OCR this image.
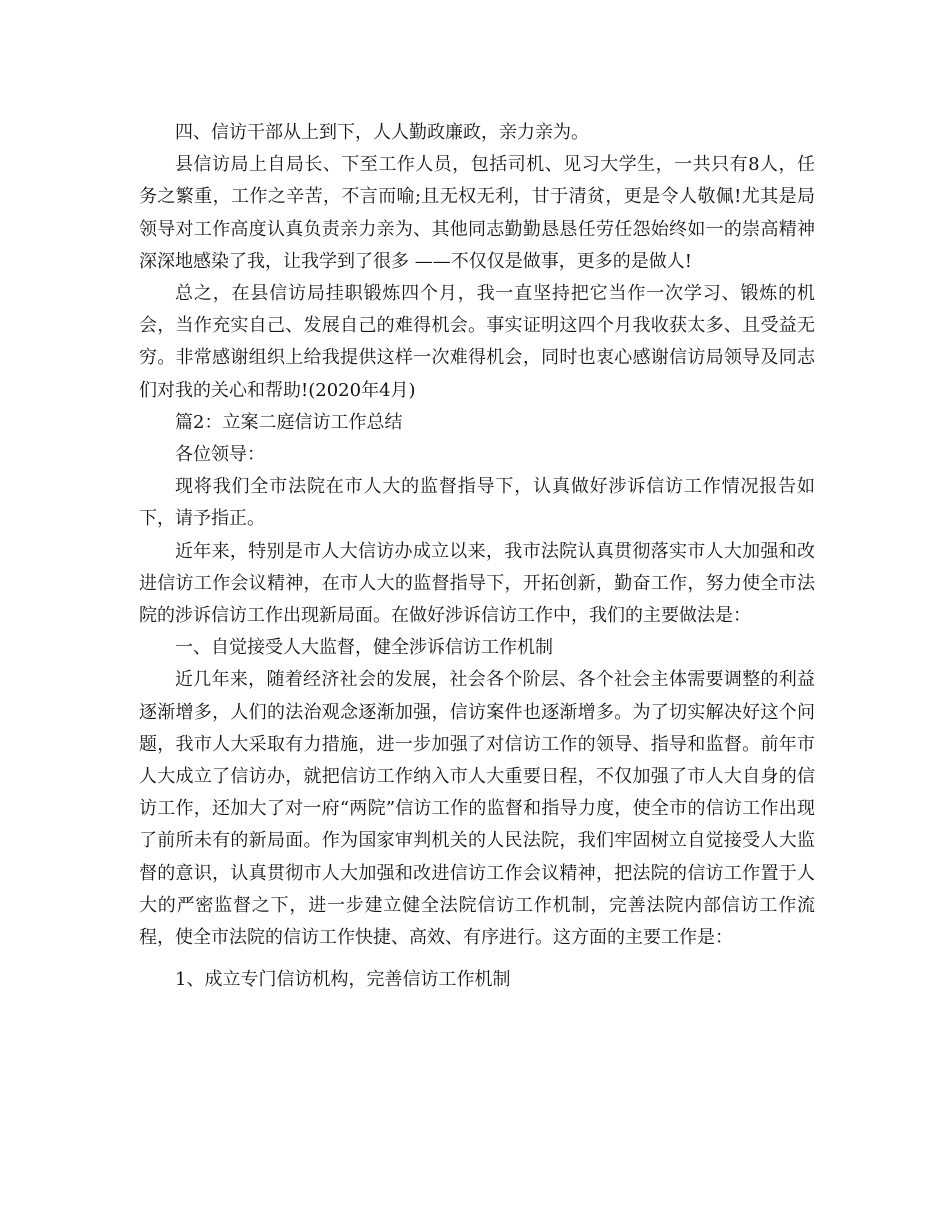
四、信访干部从上到下，人人勤政廉政，亲力亲为。

县信访局上自局长、下至工作人员，包括司机、见习大学生，一共只有8人，任务之繁重，工作之辛苦，不言而喻;且无权无利，甘于清贫，更是令人敬佩!尤其是局领导对工作高度认真负责亲力亲为、其他同志勤勤恳恳任劳任怨始终如一的崇高精神深深地感染了我，让我学到了很多 ——不仅仅是做事，更多的是做人!

总之，在县信访局挂职锻炼四个月，我一直坚持把它当作一次学习、锻炼的机会，当作充实自己、发展自己的难得机会。事实证明这四个月我收获太多、且受益无穷。非常感谢组织上给我提供这样一次难得机会，同时也衷心感谢信访局领导及同志们对我的关心和帮助!(2020年4月)

篇2：立案二庭信访工作总结

各位领导：

现将我们全市法院在市人大的监督指导下，认真做好涉诉信访工作情况报告如下，请予指正。

近年来，特别是市人大信访办成立以来，我市法院认真贯彻落实市人大加强和改进信访工作会议精神，在市人大的监督指导下，开拓创新，勤奋工作，努力使全市法院的涉诉信访工作出现新局面。在做好涉诉信访工作中，我们的主要做法是：

一、自觉接受人大监督，健全涉诉信访工作机制

近几年来，随着经济社会的发展，社会各个阶层、各个社会主体需要调整的利益逐渐增多，人们的法治观念逐渐加强，信访案件也逐渐增多。为了切实解决好这个问题，我市人大采取有力措施，进一步加强了对信访工作的领导、指导和监督。前年市人大成立了信访办，就把信访工作纳入市人大重要日程，不仅加强了市人大自身的信访工作，还加大了对一府“两院”信访工作的监督和指导力度，使全市的信访工作出现了前所未有的新局面。作为国家审判机关的人民法院，我们牢固树立自觉接受人大监督的意识，认真贯彻市人大加强和改进信访工作会议精神，把法院的信访工作置于人大的严密监督之下，进一步建立健全法院信访工作机制，完善法院内部信访工作流程，使全市法院的信访工作快捷、高效、有序进行。这方面的主要工作是：

1、成立专门信访机构，完善信访工作机制
